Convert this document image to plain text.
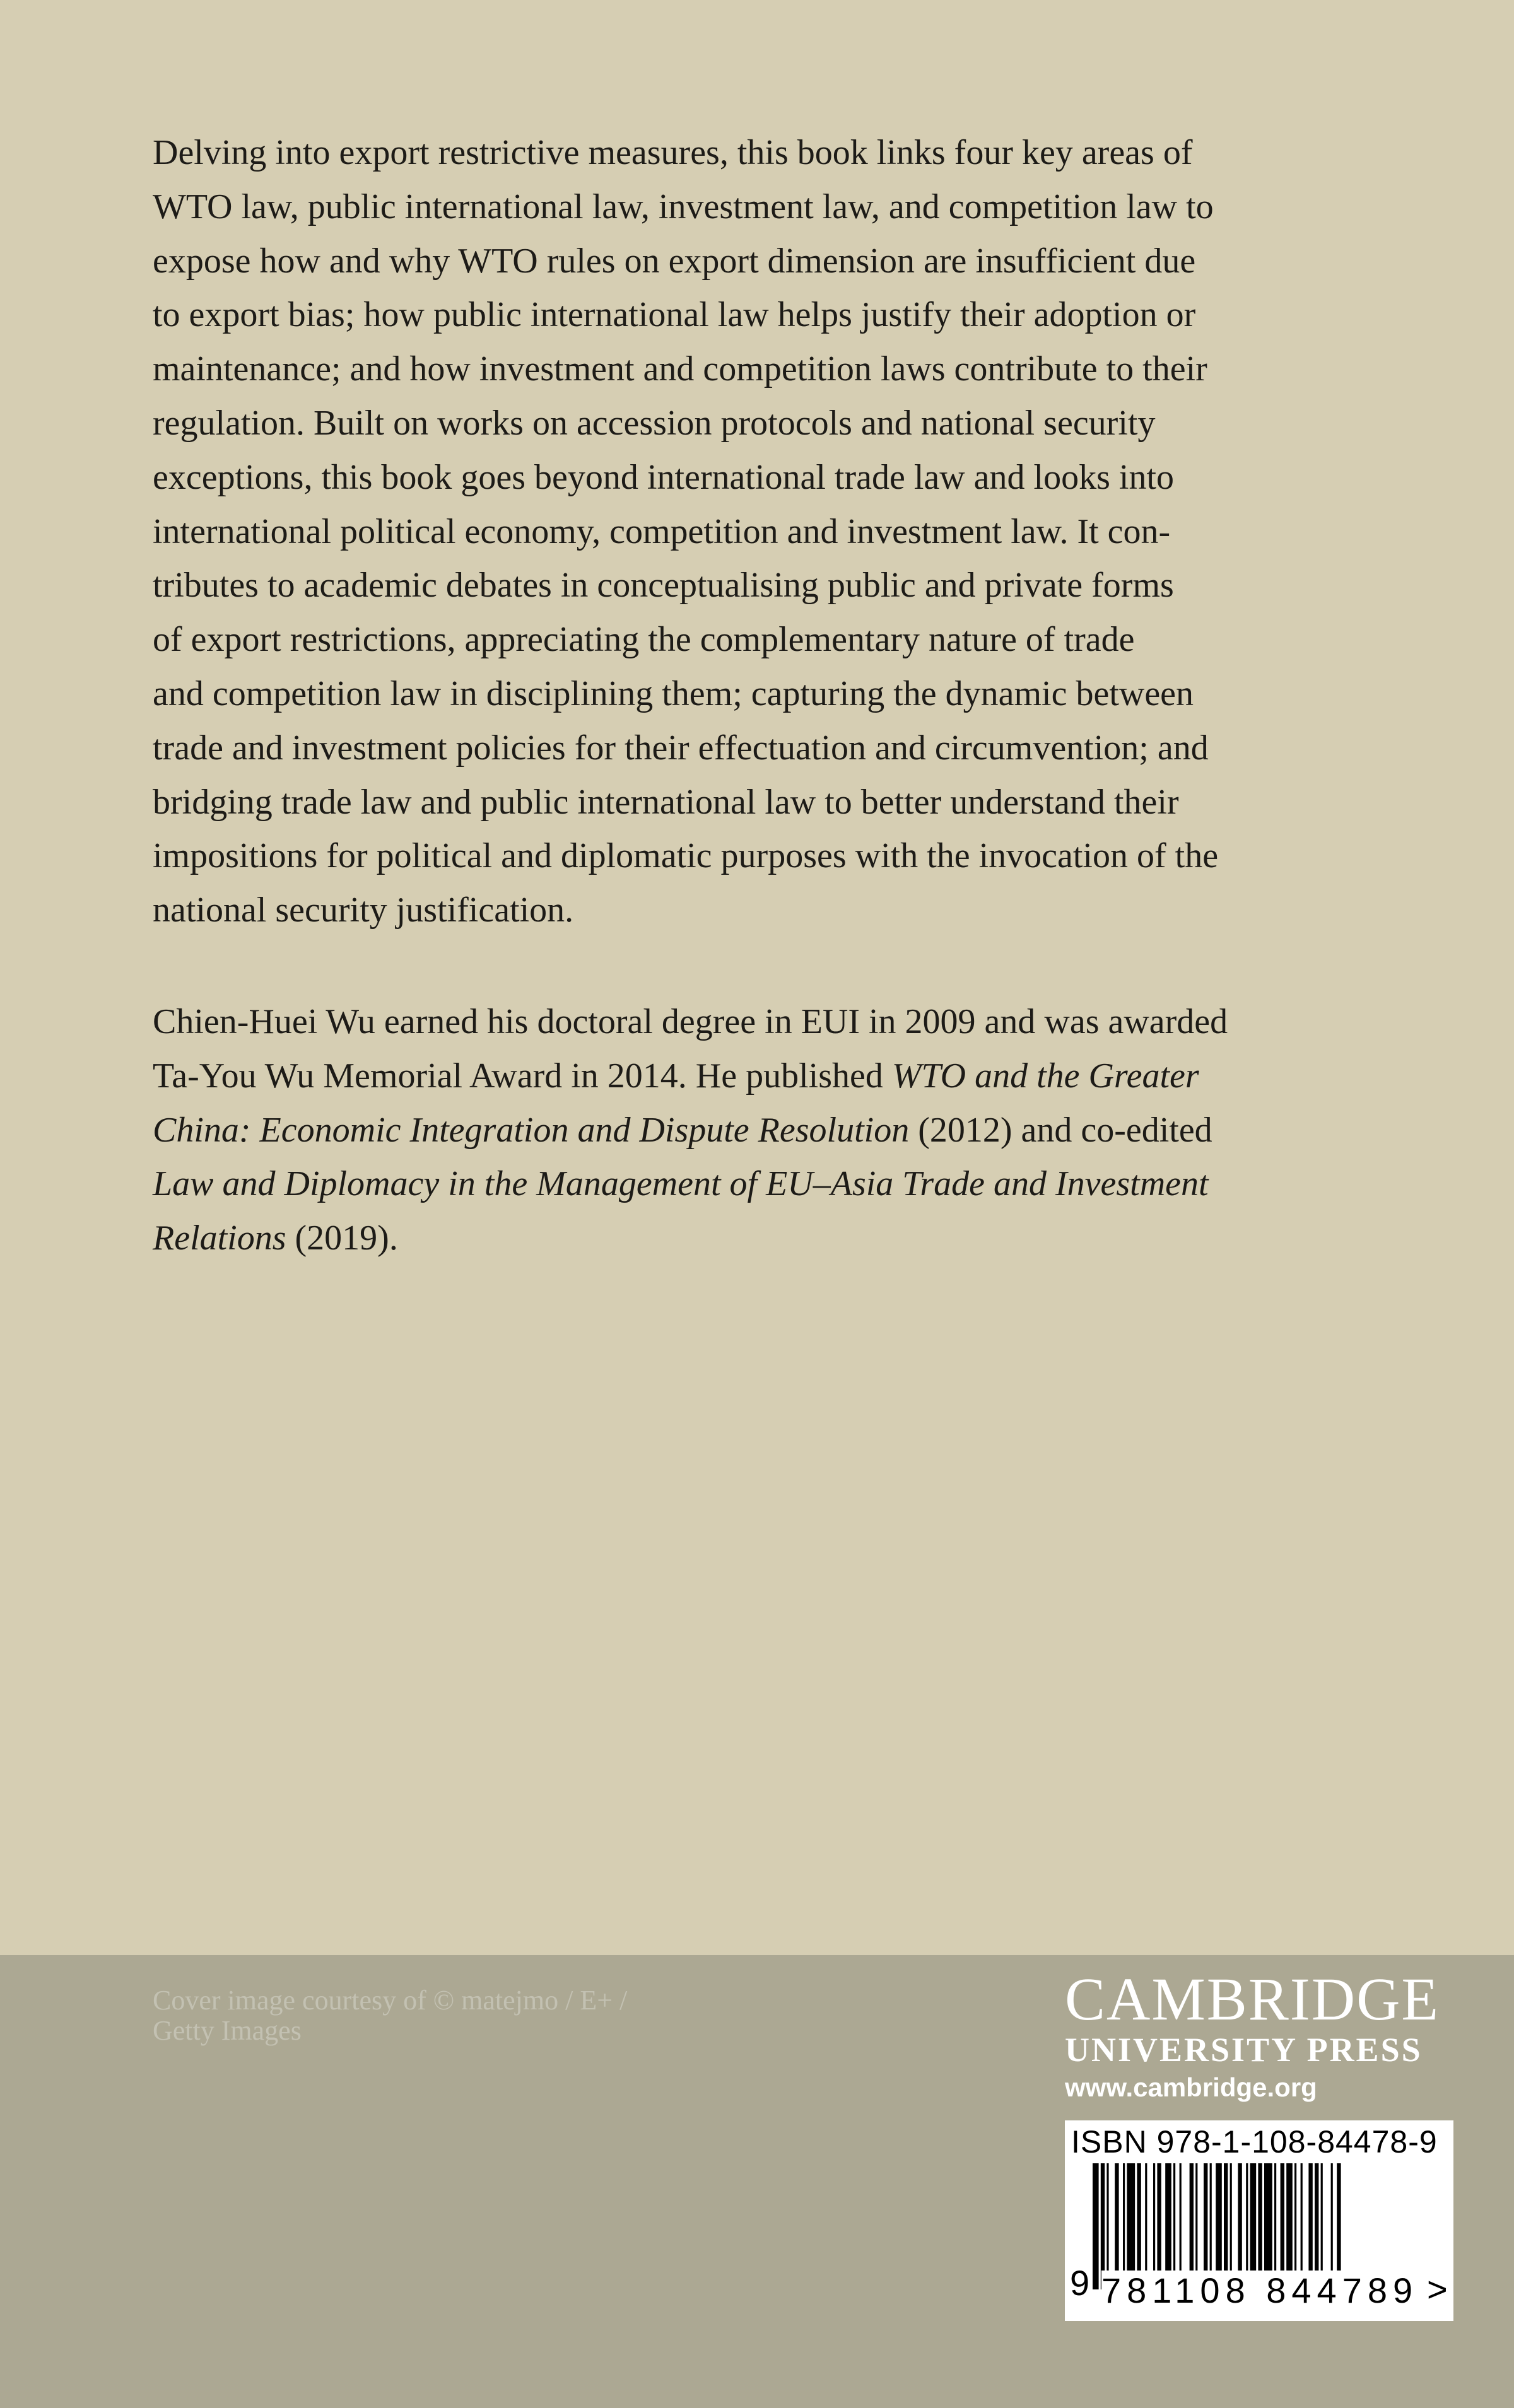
Delving into export restrictive measures, this book links four key areas of
WTO law, public international law, investment law, and competition law to
expose how and why WTO rules on export dimension are insufficient due
to export bias; how public international law helps justify their adoption or
maintenance; and how investment and competition laws contribute to their
regulation. Built on works on accession protocols and national security
exceptions, this book goes beyond international trade law and looks into
international political economy, competition and investment law. It con-
tributes to academic debates in conceptualising public and private forms
of export restrictions, appreciating the complementary nature of trade
and competition law in disciplining them; capturing the dynamic between
trade and investment policies for their effectuation and circumvention; and
bridging trade law and public international law to better understand their
impositions for political and diplomatic purposes with the invocation of the
national security justification.
Chien-Huei Wu earned his doctoral degree in EUI in 2009 and was awarded
Ta-You Wu Memorial Award in 2014. He published WTO and the Greater
China: Economic Integration and Dispute Resolution (2012) and co-edited
Law and Diplomacy in the Management of EU–Asia Trade and Investment
Relations (2019).
Cover image courtesy of © matejmo / E+ /
Getty Images	CAMBRIDGE
UNIVERSITY PRESS
www.cambridge.org
ISBN 978-1-108-84478-9
9 781108 844789 >
